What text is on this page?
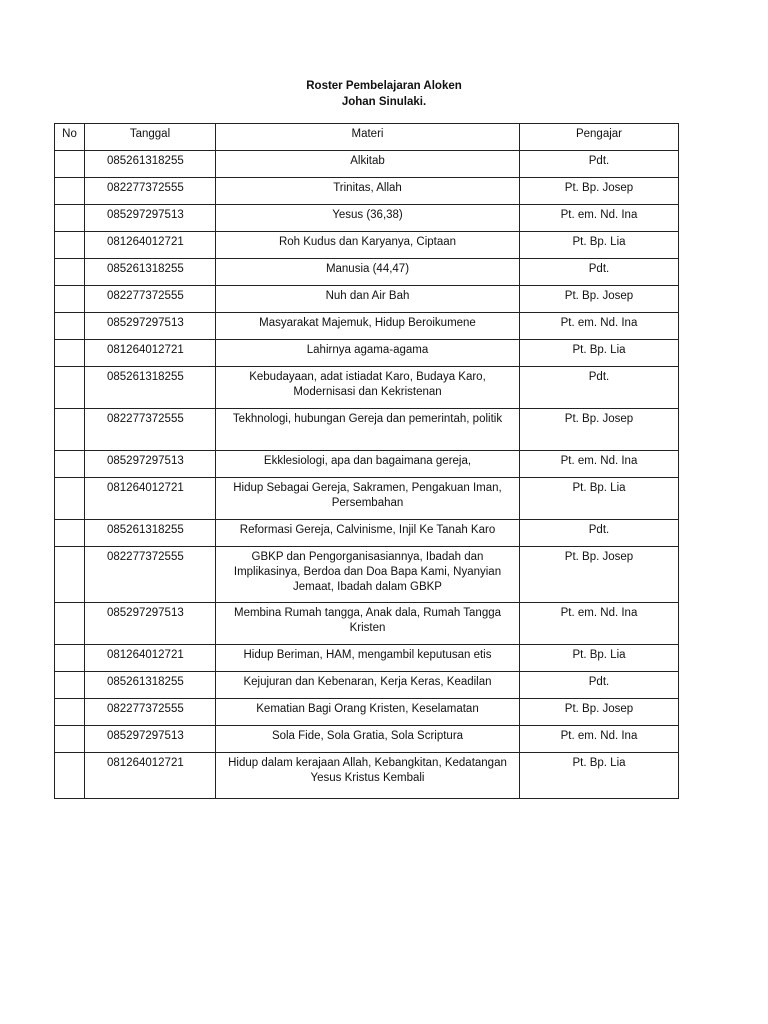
Roster Pembelajaran Aloken
Johan Sinulaki.
No	Tanggal	Materi	Pengajar
	085261318255	Alkitab	Pdt.
	082277372555	Trinitas, Allah	Pt. Bp. Josep
	085297297513	Yesus (36,38)	Pt. em. Nd. Ina
	081264012721	Roh Kudus dan Karyanya, Ciptaan	Pt. Bp. Lia
	085261318255	Manusia (44,47)	Pdt.
	082277372555	Nuh dan Air Bah	Pt. Bp. Josep
	085297297513	Masyarakat Majemuk, Hidup Beroikumene	Pt. em. Nd. Ina
	081264012721	Lahirnya agama-agama	Pt. Bp. Lia
	085261318255	Kebudayaan, adat istiadat Karo, Budaya Karo, Modernisasi dan Kekristenan	Pdt.
	082277372555	Tekhnologi, hubungan Gereja dan pemerintah, politik	Pt. Bp. Josep
	085297297513	Ekklesiologi, apa dan bagaimana gereja,	Pt. em. Nd. Ina
	081264012721	Hidup Sebagai Gereja, Sakramen, Pengakuan Iman, Persembahan	Pt. Bp. Lia
	085261318255	Reformasi Gereja, Calvinisme, Injil Ke Tanah Karo	Pdt.
	082277372555	GBKP dan Pengorganisasiannya, Ibadah dan Implikasinya, Berdoa dan Doa Bapa Kami, Nyanyian Jemaat, Ibadah dalam GBKP	Pt. Bp. Josep
	085297297513	Membina Rumah tangga, Anak dala, Rumah Tangga Kristen	Pt. em. Nd. Ina
	081264012721	Hidup Beriman, HAM, mengambil keputusan etis	Pt. Bp. Lia
	085261318255	Kejujuran dan Kebenaran, Kerja Keras, Keadilan	Pdt.
	082277372555	Kematian Bagi Orang Kristen, Keselamatan	Pt. Bp. Josep
	085297297513	Sola Fide, Sola Gratia, Sola Scriptura	Pt. em. Nd. Ina
	081264012721	Hidup dalam kerajaan Allah, Kebangkitan, Kedatangan Yesus Kristus Kembali	Pt. Bp. Lia
